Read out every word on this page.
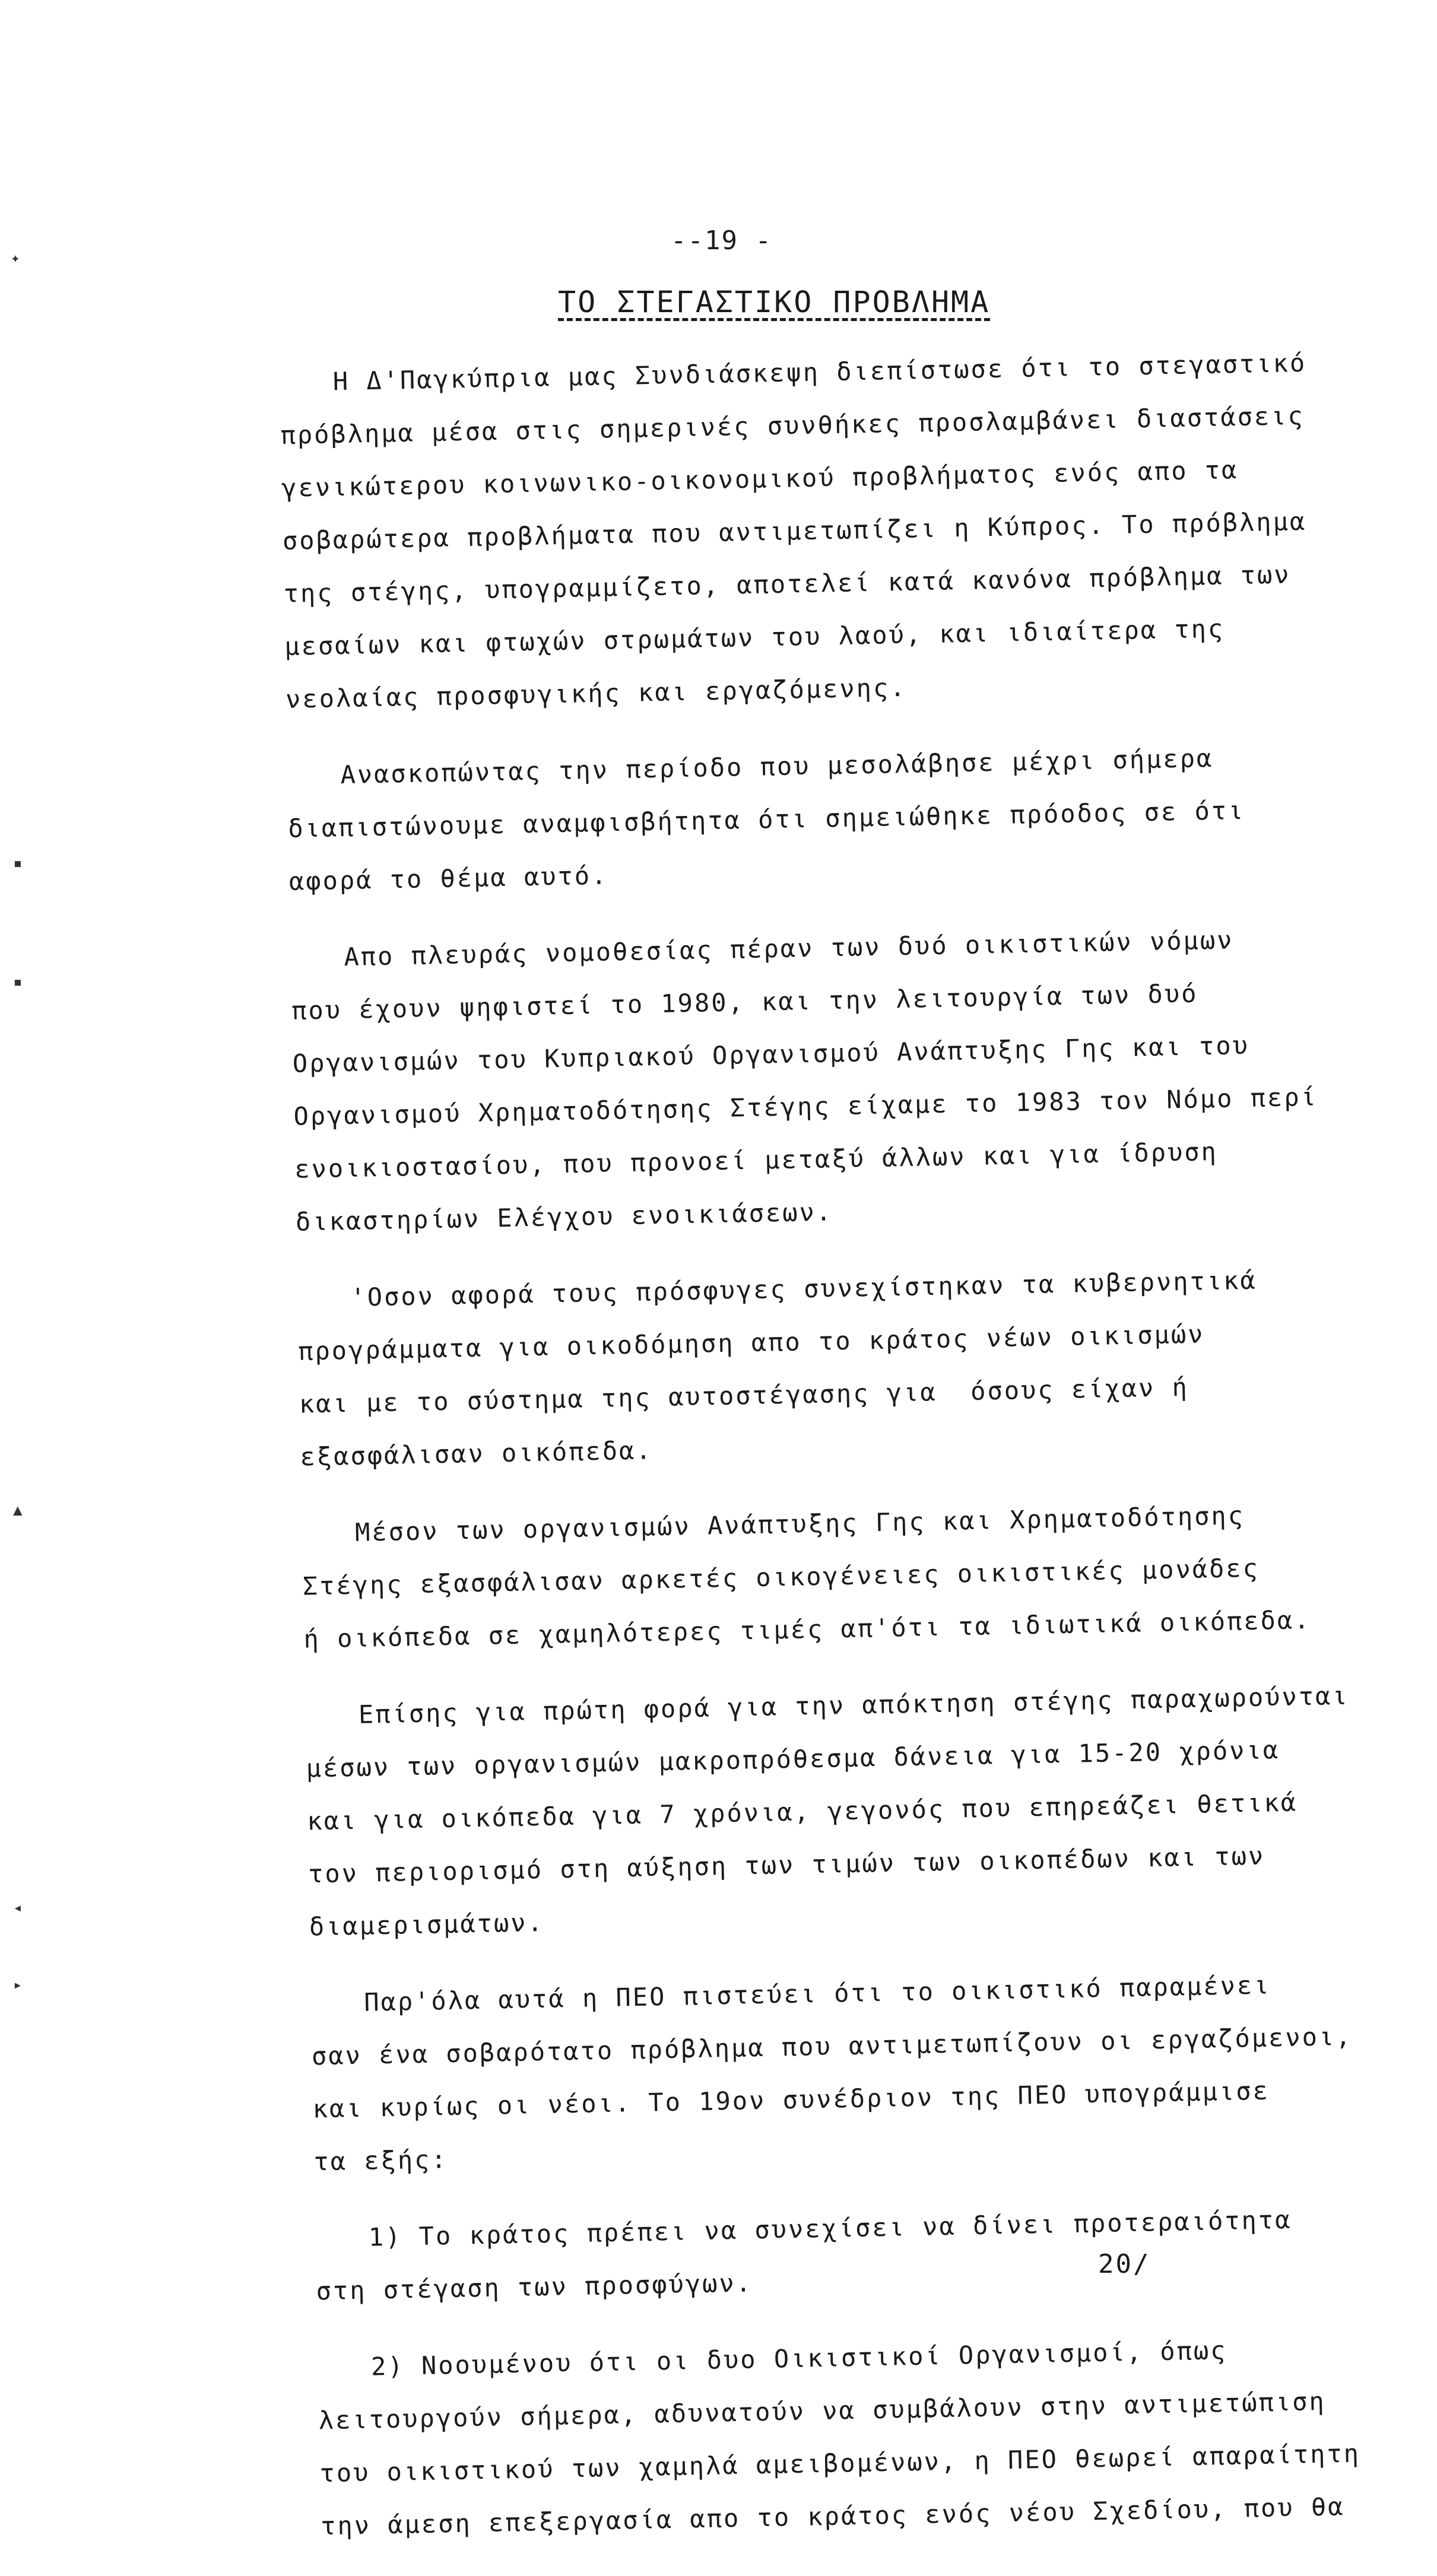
--19 -
ΤΟ ΣΤΕΓΑΣΤΙΚΟ ΠΡΟΒΛΗΜΑ
Η Δ'Παγκύπρια μας Συνδιάσκεψη διεπίστωσε ότι το στεγαστικό
πρόβλημα μέσα στις σημερινές συνθήκες προσλαμβάνει διαστάσεις
γενικώτερου κοινωνικο-οικονομικού προβλήματος ενός απο τα
σοβαρώτερα προβλήματα που αντιμετωπίζει η Κύπρος. Το πρόβλημα
της στέγης, υπογραμμίζετο, αποτελεί κατά κανόνα πρόβλημα των
μεσαίων και φτωχών στρωμάτων του λαού, και ιδιαίτερα της
νεολαίας προσφυγικής και εργαζόμενης.
Ανασκοπώντας την περίοδο που μεσολάβησε μέχρι σήμερα
διαπιστώνουμε αναμφισβήτητα ότι σημειώθηκε πρόοδος σε ότι
αφορά το θέμα αυτό.
Απο πλευράς νομοθεσίας πέραν των δυό οικιστικών νόμων
που έχουν ψηφιστεί το 1980, και την λειτουργία των δυό
Οργανισμών του Κυπριακού Οργανισμού Ανάπτυξης Γης και του
Οργανισμού Χρηματοδότησης Στέγης είχαμε το 1983 τον Νόμο περί
ενοικιοστασίου, που προνοεί μεταξύ άλλων και για ίδρυση
δικαστηρίων Ελέγχου ενοικιάσεων.
'Οσον αφορά τους πρόσφυγες συνεχίστηκαν τα κυβερνητικά
προγράμματα για οικοδόμηση απο το κράτος νέων οικισμών
και με το σύστημα της αυτοστέγασης για  όσους είχαν ή
εξασφάλισαν οικόπεδα.
Μέσον των οργανισμών Ανάπτυξης Γης και Χρηματοδότησης
Στέγης εξασφάλισαν αρκετές οικογένειες οικιστικές μονάδες
ή οικόπεδα σε χαμηλότερες τιμές απ'ότι τα ιδιωτικά οικόπεδα.
Επίσης για πρώτη φορά για την απόκτηση στέγης παραχωρούνται
μέσων των οργανισμών μακροπρόθεσμα δάνεια για 15-20 χρόνια
και για οικόπεδα για 7 χρόνια, γεγονός που επηρεάζει θετικά
τον περιορισμό στη αύξηση των τιμών των οικοπέδων και των
διαμερισμάτων.
Παρ'όλα αυτά η ΠΕΟ πιστεύει ότι το οικιστικό παραμένει
σαν ένα σοβαρότατο πρόβλημα που αντιμετωπίζουν οι εργαζόμενοι,
και κυρίως οι νέοι. Το 19ον συνέδριον της ΠΕΟ υπογράμμισε
τα εξής:
1) Το κράτος πρέπει να συνεχίσει να δίνει προτεραιότητα
στη στέγαση των προσφύγων.
2) Νοουμένου ότι οι δυο Οικιστικοί Οργανισμοί, όπως
λειτουργούν σήμερα, αδυνατούν να συμβάλουν στην αντιμετώπιση
του οικιστικού των χαμηλά αμειβομένων, η ΠΕΟ θεωρεί απαραίτητη
την άμεση επεξεργασία απο το κράτος ενός νέου Σχεδίου, που θα
20/
✦
▪
▪
▲
◂
▸
